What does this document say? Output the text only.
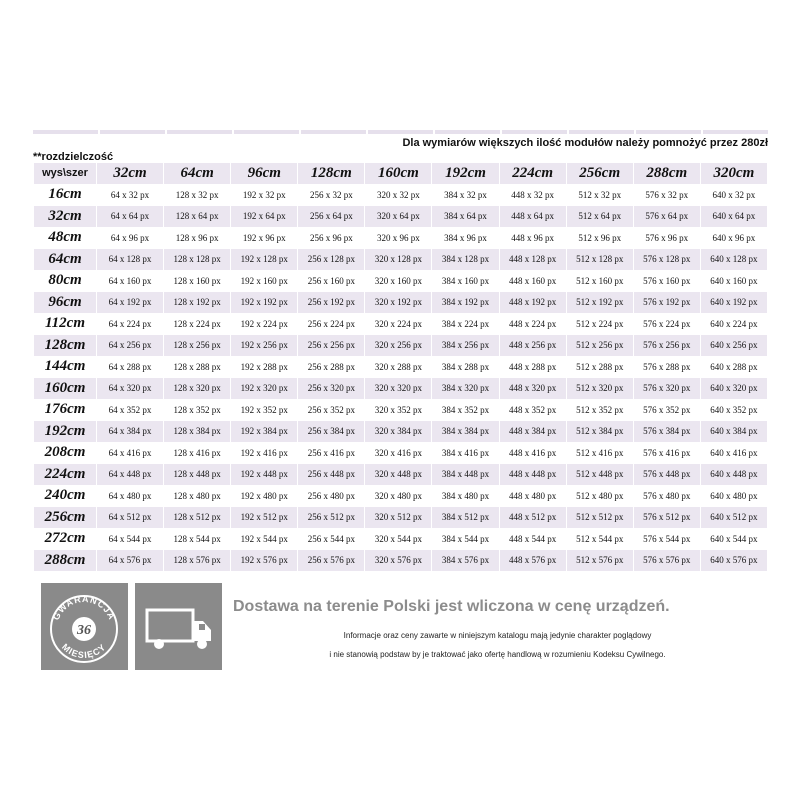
Dla wymiarów większych ilość modułów należy pomnożyć przez 280zł
**rozdzielczość
wys\szer	32cm	64cm	96cm	128cm	160cm	192cm	224cm	256cm	288cm	320cm
16cm	64 x 32 px	128 x 32 px	192 x 32 px	256 x 32 px	320 x 32 px	384 x 32 px	448 x 32 px	512 x 32 px	576 x 32 px	640 x 32 px
32cm	64 x 64 px	128 x 64 px	192 x 64 px	256 x 64 px	320 x 64 px	384 x 64 px	448 x 64 px	512 x 64 px	576 x 64 px	640 x 64 px
48cm	64 x 96 px	128 x 96 px	192 x 96 px	256 x 96 px	320 x 96 px	384 x 96 px	448 x 96 px	512 x 96 px	576 x 96 px	640 x 96 px
64cm	64 x 128 px	128 x 128 px	192 x 128 px	256 x 128 px	320 x 128 px	384 x 128 px	448 x 128 px	512 x 128 px	576 x 128 px	640 x 128 px
80cm	64 x 160 px	128 x 160 px	192 x 160 px	256 x 160 px	320 x 160 px	384 x 160 px	448 x 160 px	512 x 160 px	576 x 160 px	640 x 160 px
96cm	64 x 192 px	128 x 192 px	192 x 192 px	256 x 192 px	320 x 192 px	384 x 192 px	448 x 192 px	512 x 192 px	576 x 192 px	640 x 192 px
112cm	64 x 224 px	128 x 224 px	192 x 224 px	256 x 224 px	320 x 224 px	384 x 224 px	448 x 224 px	512 x 224 px	576 x 224 px	640 x 224 px
128cm	64 x 256 px	128 x 256 px	192 x 256 px	256 x 256 px	320 x 256 px	384 x 256 px	448 x 256 px	512 x 256 px	576 x 256 px	640 x 256 px
144cm	64 x 288 px	128 x 288 px	192 x 288 px	256 x 288 px	320 x 288 px	384 x 288 px	448 x 288 px	512 x 288 px	576 x 288 px	640 x 288 px
160cm	64 x 320 px	128 x 320 px	192 x 320 px	256 x 320 px	320 x 320 px	384 x 320 px	448 x 320 px	512 x 320 px	576 x 320 px	640 x 320 px
176cm	64 x 352 px	128 x 352 px	192 x 352 px	256 x 352 px	320 x 352 px	384 x 352 px	448 x 352 px	512 x 352 px	576 x 352 px	640 x 352 px
192cm	64 x 384 px	128 x 384 px	192 x 384 px	256 x 384 px	320 x 384 px	384 x 384 px	448 x 384 px	512 x 384 px	576 x 384 px	640 x 384 px
208cm	64 x 416 px	128 x 416 px	192 x 416 px	256 x 416 px	320 x 416 px	384 x 416 px	448 x 416 px	512 x 416 px	576 x 416 px	640 x 416 px
224cm	64 x 448 px	128 x 448 px	192 x 448 px	256 x 448 px	320 x 448 px	384 x 448 px	448 x 448 px	512 x 448 px	576 x 448 px	640 x 448 px
240cm	64 x 480 px	128 x 480 px	192 x 480 px	256 x 480 px	320 x 480 px	384 x 480 px	448 x 480 px	512 x 480 px	576 x 480 px	640 x 480 px
256cm	64 x 512 px	128 x 512 px	192 x 512 px	256 x 512 px	320 x 512 px	384 x 512 px	448 x 512 px	512 x 512 px	576 x 512 px	640 x 512 px
272cm	64 x 544 px	128 x 544 px	192 x 544 px	256 x 544 px	320 x 544 px	384 x 544 px	448 x 544 px	512 x 544 px	576 x 544 px	640 x 544 px
288cm	64 x 576 px	128 x 576 px	192 x 576 px	256 x 576 px	320 x 576 px	384 x 576 px	448 x 576 px	512 x 576 px	576 x 576 px	640 x 576 px
GWARANCJA
MIESIĘCY
36
Dostawa na terenie Polski jest wliczona w cenę urządzeń.
Informacje oraz ceny zawarte w niniejszym katalogu mają jedynie charakter poglądowy
i nie stanowią podstaw by je traktować jako ofertę handlową w rozumieniu Kodeksu Cywilnego.
